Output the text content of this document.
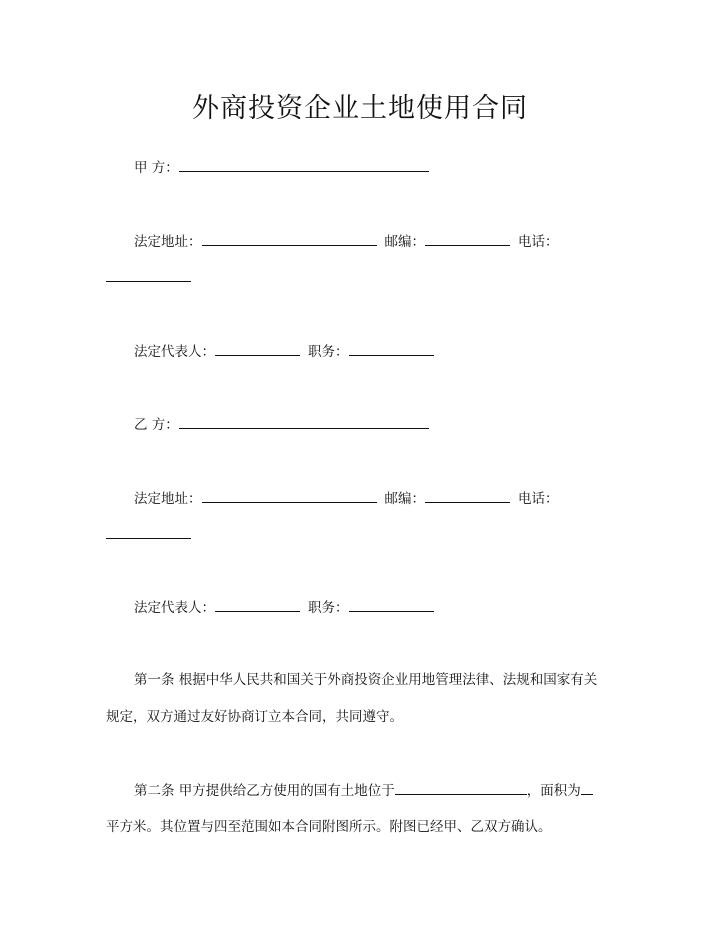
外商投资企业土地使用合同
甲 方：
法定地址：	邮编：	电话：
法定代表人：	职务：
乙 方：
法定地址：	邮编：	电话：
法定代表人：	职务：
第一条 根据中华人民共和国关于外商投资企业用地管理法律、法规和国家有关
规定，双方通过友好协商订立本合同，共同遵守。
第二条 甲方提供给乙方使用的国有土地位于	，面积为
平方米。其位置与四至范围如本合同附图所示。附图已经甲、乙双方确认。
